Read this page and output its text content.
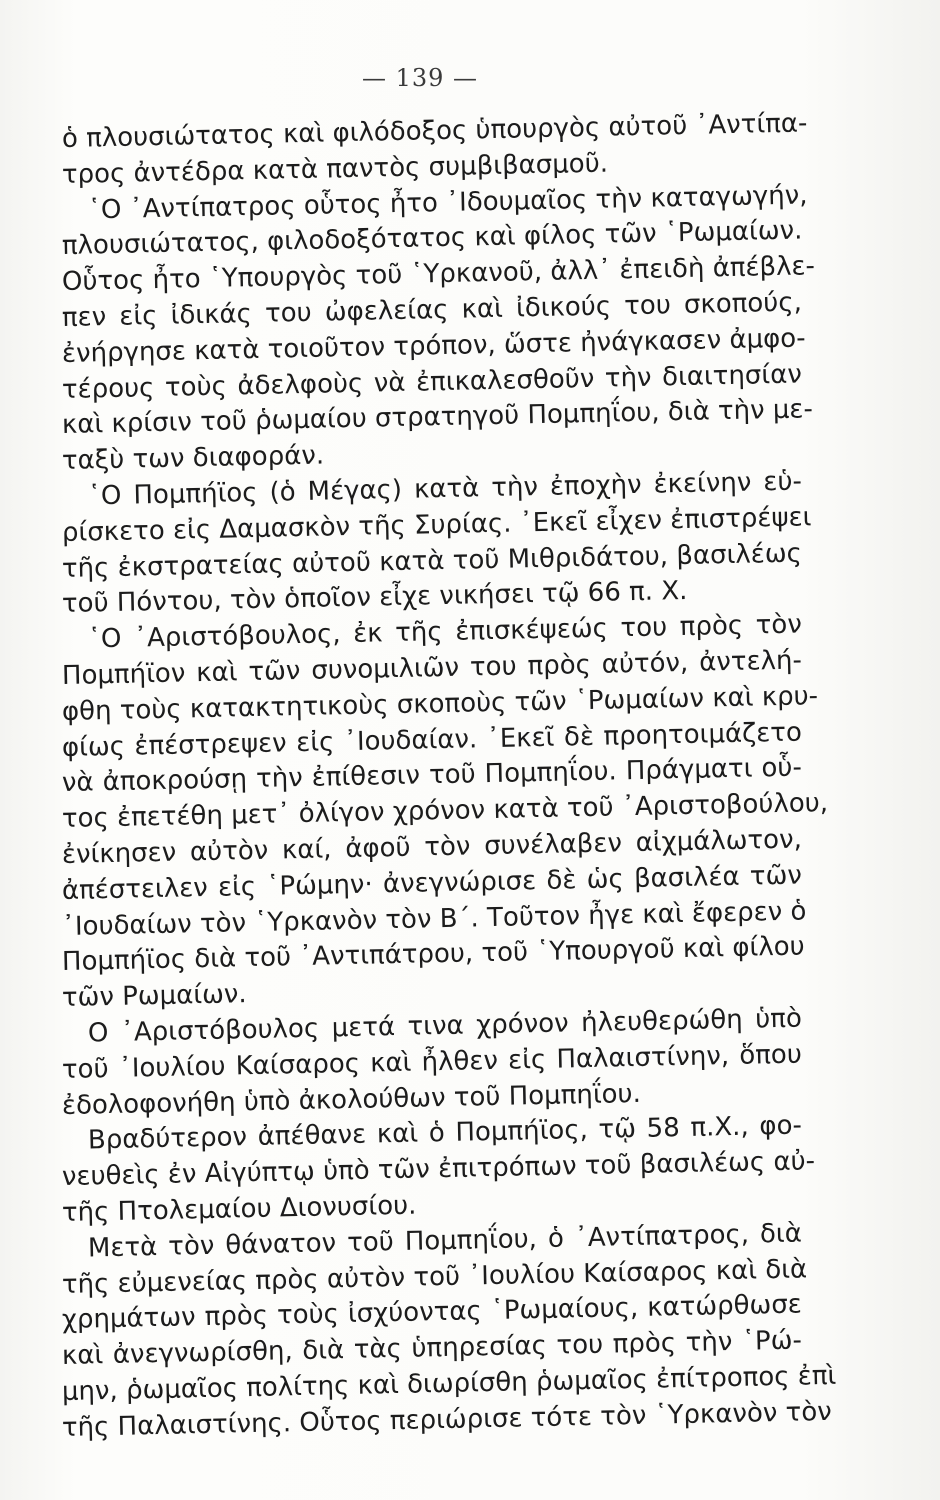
— 139 —
ὁ πλουσιώτατος καὶ φιλόδοξος ὑπουργὸς αὐτοῦ ᾿Αντίπα-
τρος ἀντέδρα κατὰ παντὸς συμβιβασμοῦ.
῾Ο ᾿Αντίπατρος οὗτος ἦτο ᾿Ιδουμαῖος τὴν καταγωγήν,
πλουσιώτατος, φιλοδοξότατος καὶ φίλος τῶν ῾Ρωμαίων.
Οὗτος ἦτο ῾Υπουργὸς τοῦ ῾Υρκανοῦ, ἀλλ᾿ ἐπειδὴ ἀπέβλε-
πεν εἰς ἰδικάς του ὠφελείας καὶ ἰδικούς του σκοπούς,
ἐνήργησε κατὰ τοιοῦτον τρόπον, ὥστε ἠνάγκασεν ἀμφο-
τέρους τοὺς ἀδελφοὺς νὰ ἐπικαλεσθοῦν τὴν διαιτησίαν
καὶ κρίσιν τοῦ ῥωμαίου στρατηγοῦ Πομπηΐου, διὰ τὴν με-
ταξὺ των διαφοράν.
῾Ο Πομπήϊος (ὁ Μέγας) κατὰ τὴν ἐποχὴν ἐκείνην εὑ-
ρίσκετο εἰς Δαμασκὸν τῆς Συρίας. ᾿Εκεῖ εἶχεν ἐπιστρέψει
τῆς ἐκστρατείας αὐτοῦ κατὰ τοῦ Μιθριδάτου, βασιλέως
τοῦ Πόντου, τὸν ὁποῖον εἶχε νικήσει τῷ 66 π. Χ.
῾Ο ᾿Αριστόβουλος, ἐκ τῆς ἐπισκέψεώς του πρὸς τὸν
Πομπήϊον καὶ τῶν συνομιλιῶν του πρὸς αὐτόν, ἀντελή-
φθη τοὺς κατακτητικοὺς σκοποὺς τῶν ῾Ρωμαίων καὶ κρυ-
φίως ἐπέστρεψεν εἰς ᾿Ιουδαίαν. ᾿Εκεῖ δὲ προητοιμάζετο
νὰ ἀποκρούσῃ τὴν ἐπίθεσιν τοῦ Πομπηΐου. Πράγματι οὗ-
τος ἐπετέθη μετ᾿ ὀλίγον χρόνον κατὰ τοῦ ᾿Αριστοβούλου,
ἐνίκησεν αὐτὸν καί, ἀφοῦ τὸν συνέλαβεν αἰχμάλωτον,
ἀπέστειλεν εἰς ῾Ρώμην· ἀνεγνώρισε δὲ ὡς βασιλέα τῶν
᾿Ιουδαίων τὸν ῾Υρκανὸν τὸν Β΄. Τοῦτον ἦγε καὶ ἔφερεν ὁ
Πομπήϊος διὰ τοῦ ᾿Αντιπάτρου, τοῦ ῾Υπουργοῦ καὶ φίλου
τῶν Ρωμαίων.
Ο ᾿Αριστόβουλος μετά τινα χρόνον ἠλευθερώθη ὑπὸ
τοῦ ᾿Ιουλίου Καίσαρος καὶ ἦλθεν εἰς Παλαιστίνην, ὅπου
ἐδολοφονήθη ὑπὸ ἀκολούθων τοῦ Πομπηΐου.
Βραδύτερον ἀπέθανε καὶ ὁ Πομπήϊος, τῷ 58 π.Χ., φο-
νευθεὶς ἐν Αἰγύπτῳ ὑπὸ τῶν ἐπιτρόπων τοῦ βασιλέως αὐ-
τῆς Πτολεμαίου Διονυσίου.
Μετὰ τὸν θάνατον τοῦ Πομπηΐου, ὁ ᾿Αντίπατρος, διὰ
τῆς εὐμενείας πρὸς αὐτὸν τοῦ ᾿Ιουλίου Καίσαρος καὶ διὰ
χρημάτων πρὸς τοὺς ἰσχύοντας ῾Ρωμαίους, κατώρθωσε
καὶ ἀνεγνωρίσθη, διὰ τὰς ὑπηρεσίας του πρὸς τὴν ῾Ρώ-
μην, ῥωμαῖος πολίτης καὶ διωρίσθη ῥωμαῖος ἐπίτροπος ἐπὶ
τῆς Παλαιστίνης. Οὗτος περιώρισε τότε τὸν ῾Υρκανὸν τὸν
